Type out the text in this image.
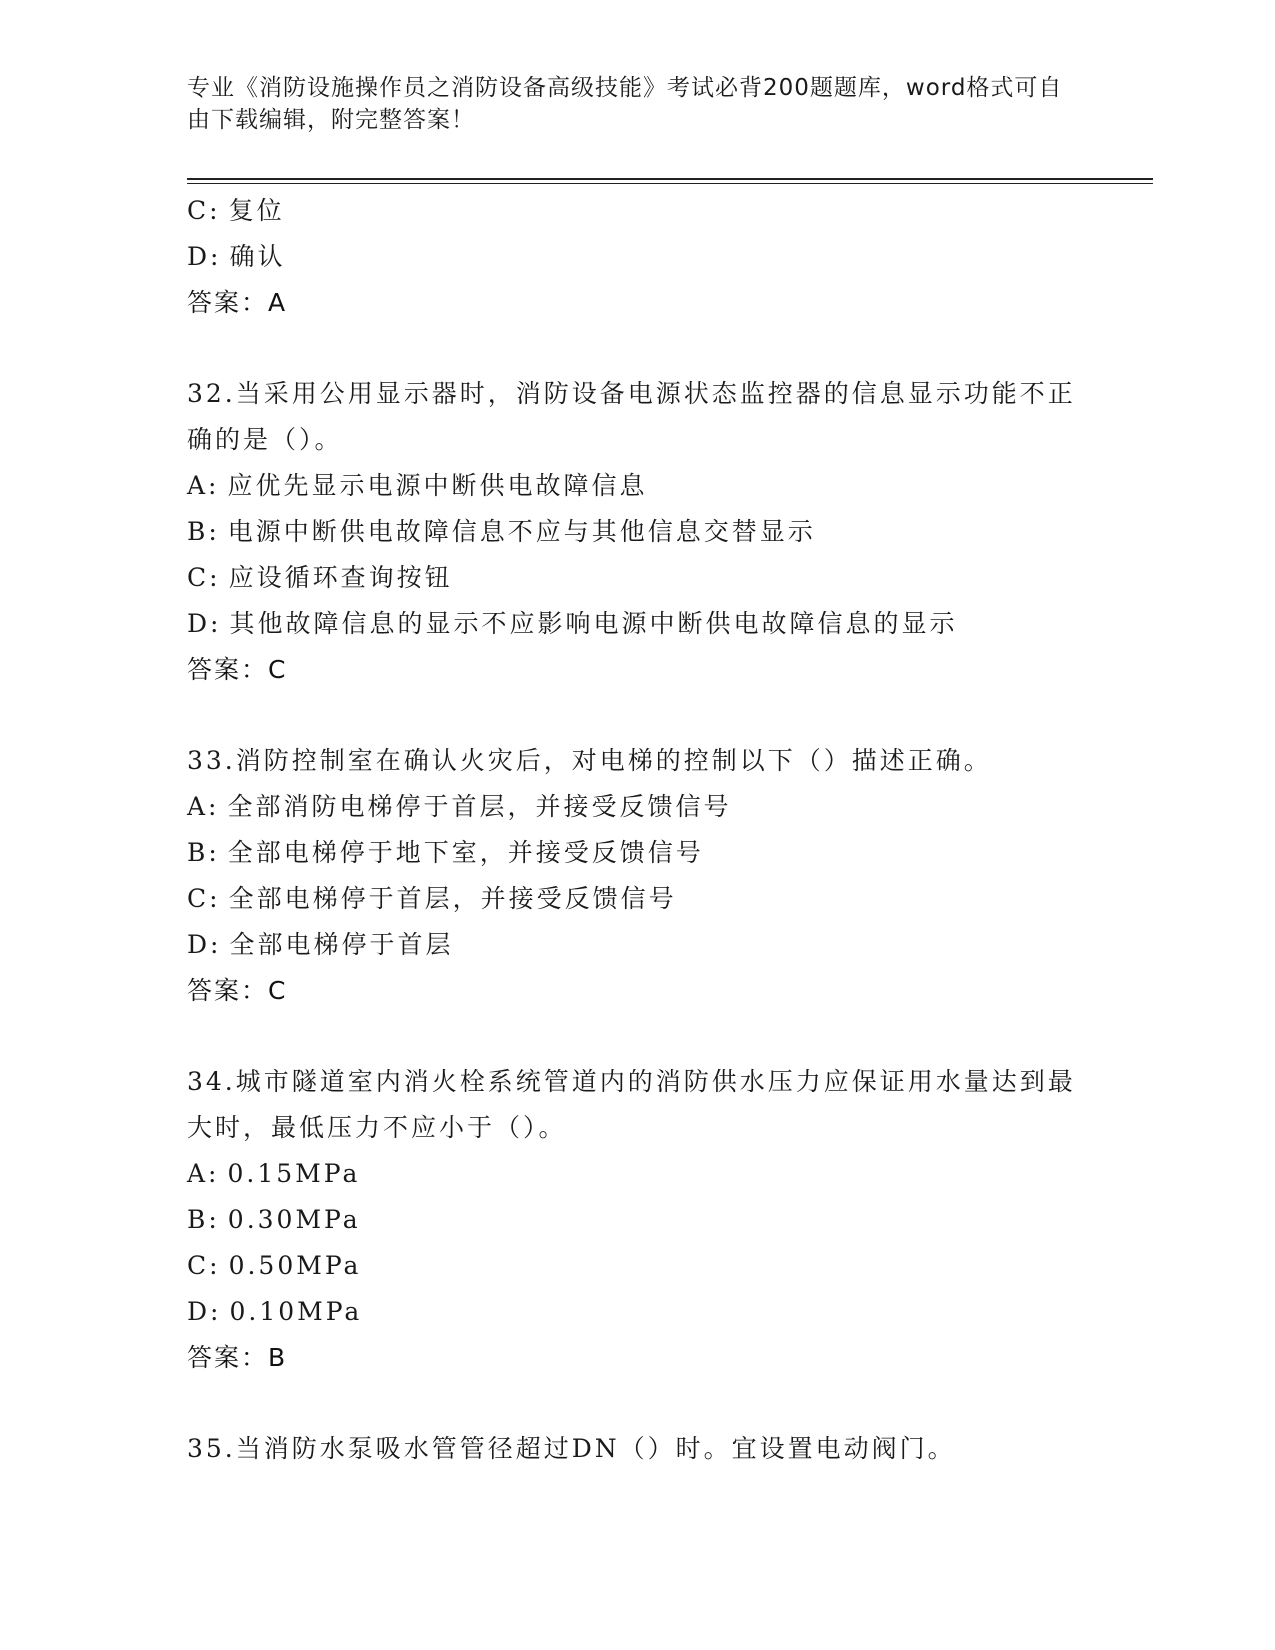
专业《消防设施操作员之消防设备高级技能》考试必背200题题库，word格式可自由下载编辑，附完整答案！
C: 复位
D: 确认
答案：A
32.当采用公用显示器时，消防设备电源状态监控器的信息显示功能不正确的是（）。
A: 应优先显示电源中断供电故障信息
B: 电源中断供电故障信息不应与其他信息交替显示
C: 应设循环查询按钮
D: 其他故障信息的显示不应影响电源中断供电故障信息的显示
答案：C
33.消防控制室在确认火灾后，对电梯的控制以下（）描述正确。
A: 全部消防电梯停于首层，并接受反馈信号
B: 全部电梯停于地下室，并接受反馈信号
C: 全部电梯停于首层，并接受反馈信号
D: 全部电梯停于首层
答案：C
34.城市隧道室内消火栓系统管道内的消防供水压力应保证用水量达到最大时，最低压力不应小于（）。
A: 0.15MPa
B: 0.30MPa
C: 0.50MPa
D: 0.10MPa
答案：B
35.当消防水泵吸水管管径超过DN（）时。宜设置电动阀门。
